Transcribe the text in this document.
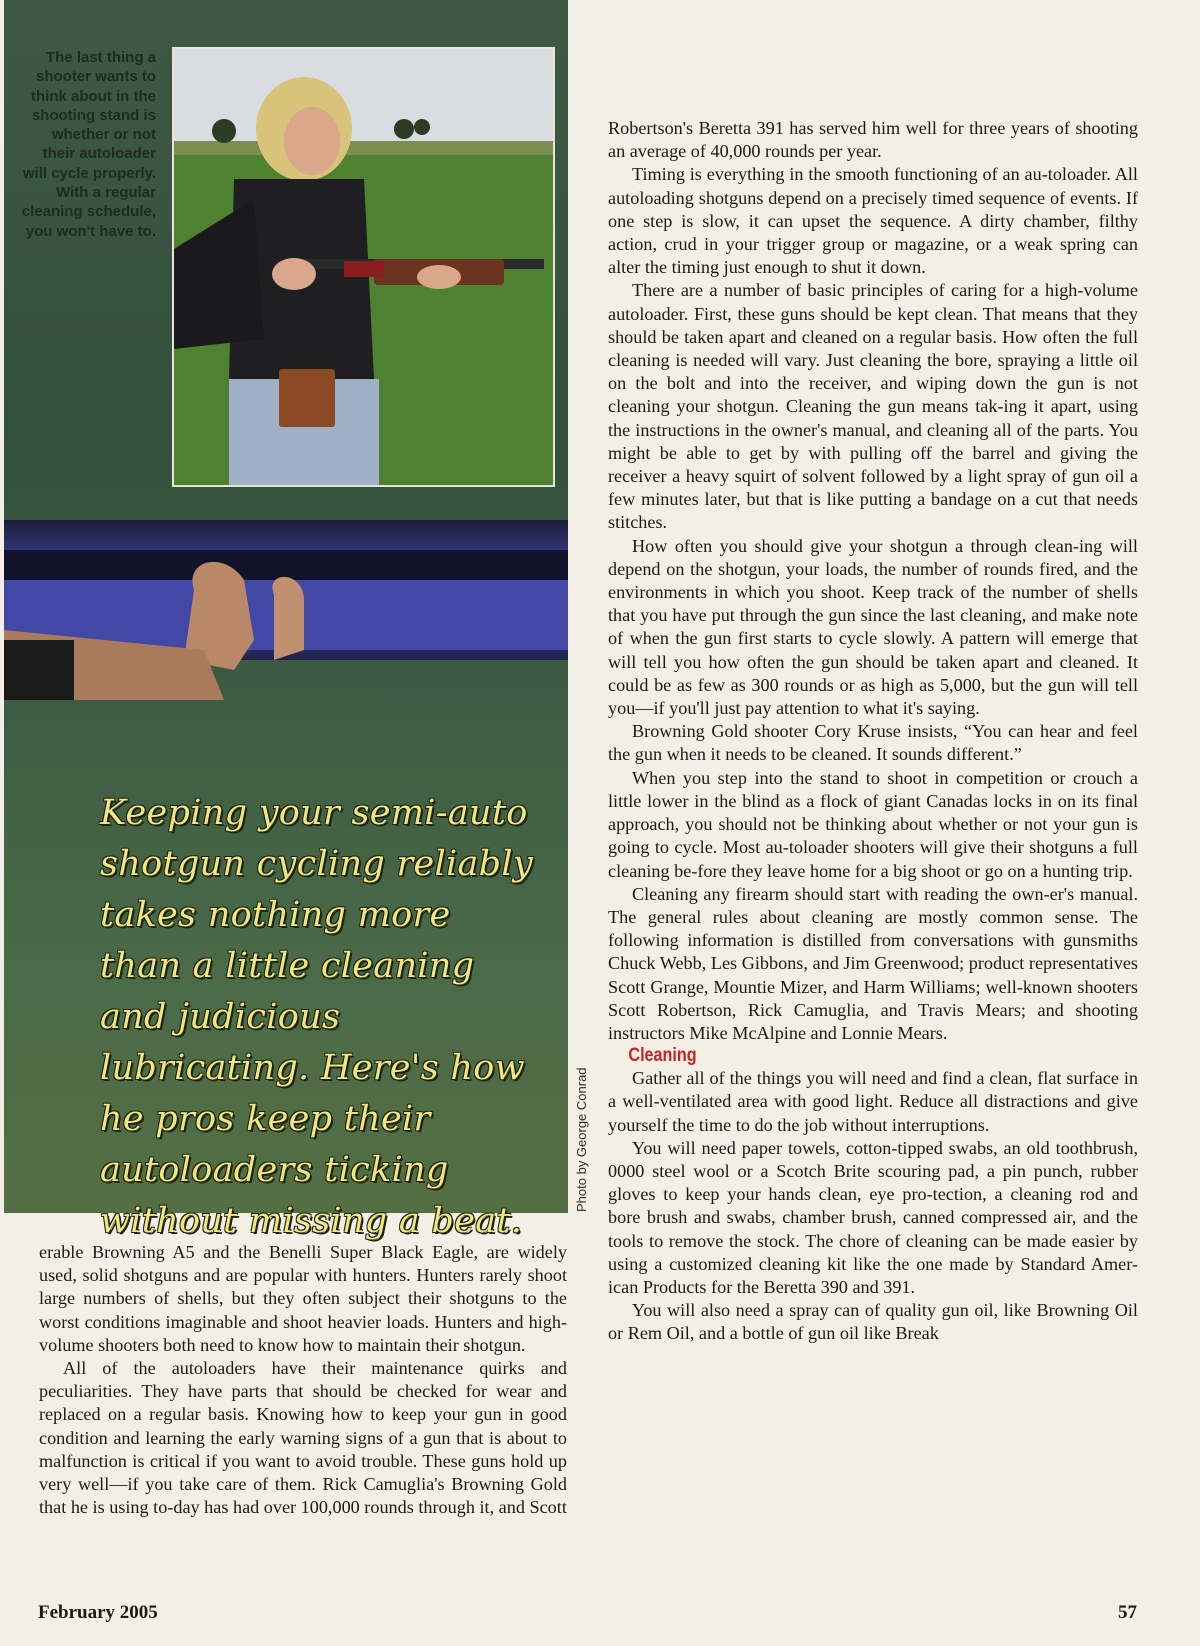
The last thing a shooter wants to think about in the shooting stand is whether or not their autoloader will cycle properly. With a regular cleaning schedule, you won't have to.

Keeping your semi-auto shotgun cycling reliably takes nothing more than a little cleaning and judicious lubricating. Here's how he pros keep their autoloaders ticking without missing a beat.

Photo by George Conrad

Robertson's Beretta 391 has served him well for three years of shooting an average of 40,000 rounds per year.

Timing is everything in the smooth functioning of an au-toloader. All autoloading shotguns depend on a precisely timed sequence of events. If one step is slow, it can upset the sequence. A dirty chamber, filthy action, crud in your trigger group or magazine, or a weak spring can alter the timing just enough to shut it down.

There are a number of basic principles of caring for a high-volume autoloader. First, these guns should be kept clean. That means that they should be taken apart and cleaned on a regular basis. How often the full cleaning is needed will vary. Just cleaning the bore, spraying a little oil on the bolt and into the receiver, and wiping down the gun is not cleaning your shotgun. Cleaning the gun means tak-ing it apart, using the instructions in the owner's manual, and cleaning all of the parts. You might be able to get by with pulling off the barrel and giving the receiver a heavy squirt of solvent followed by a light spray of gun oil a few minutes later, but that is like putting a bandage on a cut that needs stitches.

How often you should give your shotgun a through clean-ing will depend on the shotgun, your loads, the number of rounds fired, and the environments in which you shoot. Keep track of the number of shells that you have put through the gun since the last cleaning, and make note of when the gun first starts to cycle slowly. A pattern will emerge that will tell you how often the gun should be taken apart and cleaned. It could be as few as 300 rounds or as high as 5,000, but the gun will tell you—if you'll just pay attention to what it's saying.

Browning Gold shooter Cory Kruse insists, “You can hear and feel the gun when it needs to be cleaned. It sounds different.”

When you step into the stand to shoot in competition or crouch a little lower in the blind as a flock of giant Canadas locks in on its final approach, you should not be thinking about whether or not your gun is going to cycle. Most au-toloader shooters will give their shotguns a full cleaning be-fore they leave home for a big shoot or go on a hunting trip.

Cleaning any firearm should start with reading the own-er's manual. The general rules about cleaning are mostly common sense. The following information is distilled from conversations with gunsmiths Chuck Webb, Les Gibbons, and Jim Greenwood; product representatives Scott Grange, Mountie Mizer, and Harm Williams; well-known shooters Scott Robertson, Rick Camuglia, and Travis Mears; and shooting instructors Mike McAlpine and Lonnie Mears.

Cleaning

Gather all of the things you will need and find a clean, flat surface in a well-ventilated area with good light. Reduce all distractions and give yourself the time to do the job without interruptions.

You will need paper towels, cotton-tipped swabs, an old toothbrush, 0000 steel wool or a Scotch Brite scouring pad, a pin punch, rubber gloves to keep your hands clean, eye pro-tection, a cleaning rod and bore brush and swabs, chamber brush, canned compressed air, and the tools to remove the stock. The chore of cleaning can be made easier by using a customized cleaning kit like the one made by Standard Amer-ican Products for the Beretta 390 and 391.

You will also need a spray can of quality gun oil, like Browning Oil or Rem Oil, and a bottle of gun oil like Break

erable Browning A5 and the Benelli Super Black Eagle, are widely used, solid shotguns and are popular with hunters. Hunters rarely shoot large numbers of shells, but they often subject their shotguns to the worst conditions imaginable and shoot heavier loads. Hunters and high-volume shooters both need to know how to maintain their shotgun.

All of the autoloaders have their maintenance quirks and peculiarities. They have parts that should be checked for wear and replaced on a regular basis. Knowing how to keep your gun in good condition and learning the early warning signs of a gun that is about to malfunction is critical if you want to avoid trouble. These guns hold up very well—if you take care of them. Rick Camuglia's Browning Gold that he is using to-day has had over 100,000 rounds through it, and Scott

February 2005	57
